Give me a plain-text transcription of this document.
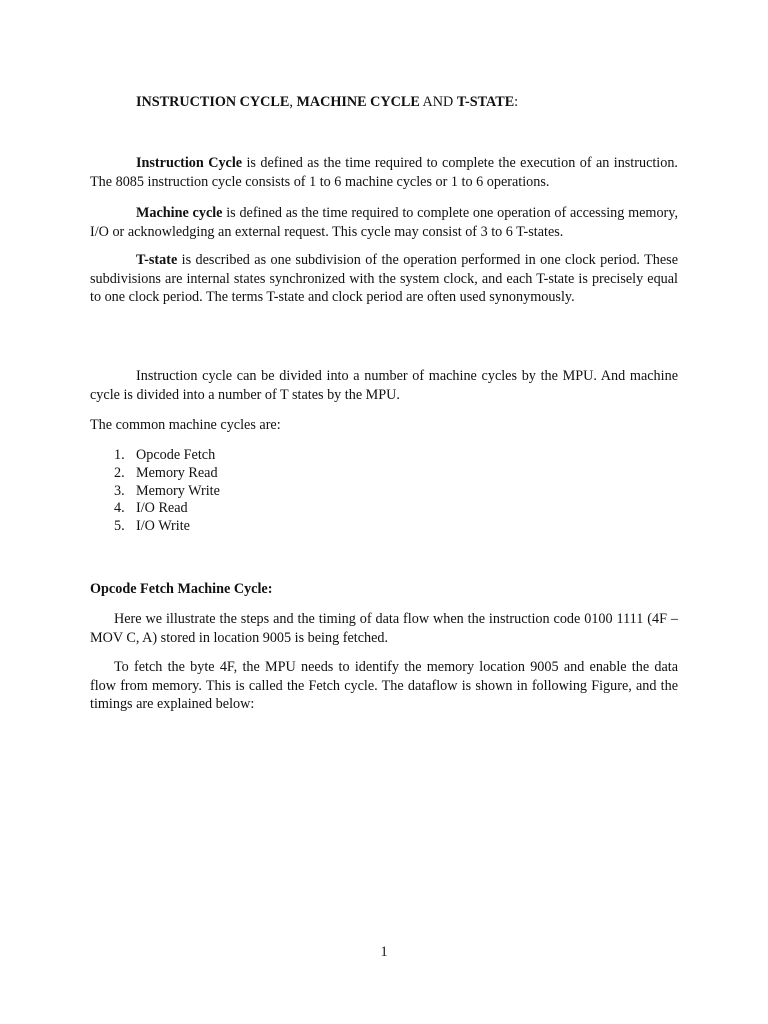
INSTRUCTION CYCLE, MACHINE CYCLE AND T-STATE:

Instruction Cycle is defined as the time required to complete the execution of an instruction. The 8085 instruction cycle consists of 1 to 6 machine cycles or 1 to 6 operations.

Machine cycle is defined as the time required to complete one operation of accessing memory, I/O or acknowledging an external request. This cycle may consist of 3 to 6 T-states.

T-state is described as one subdivision of the operation performed in one clock period. These subdivisions are internal states synchronized with the system clock, and each T-state is precisely equal to one clock period. The terms T-state and clock period are often used synonymously.

Instruction cycle can be divided into a number of machine cycles by the MPU. And machine cycle is divided into a number of T states by the MPU.

The common machine cycles are:

1. Opcode Fetch
2. Memory Read
3. Memory Write
4. I/O Read
5. I/O Write
Opcode Fetch Machine Cycle:

Here we illustrate the steps and the timing of data flow when the instruction code 0100 1111 (4F – MOV C, A) stored in location 9005 is being fetched.

To fetch the byte 4F, the MPU needs to identify the memory location 9005 and enable the data flow from memory. This is called the Fetch cycle. The dataflow is shown in following Figure, and the timings are explained below:

1
